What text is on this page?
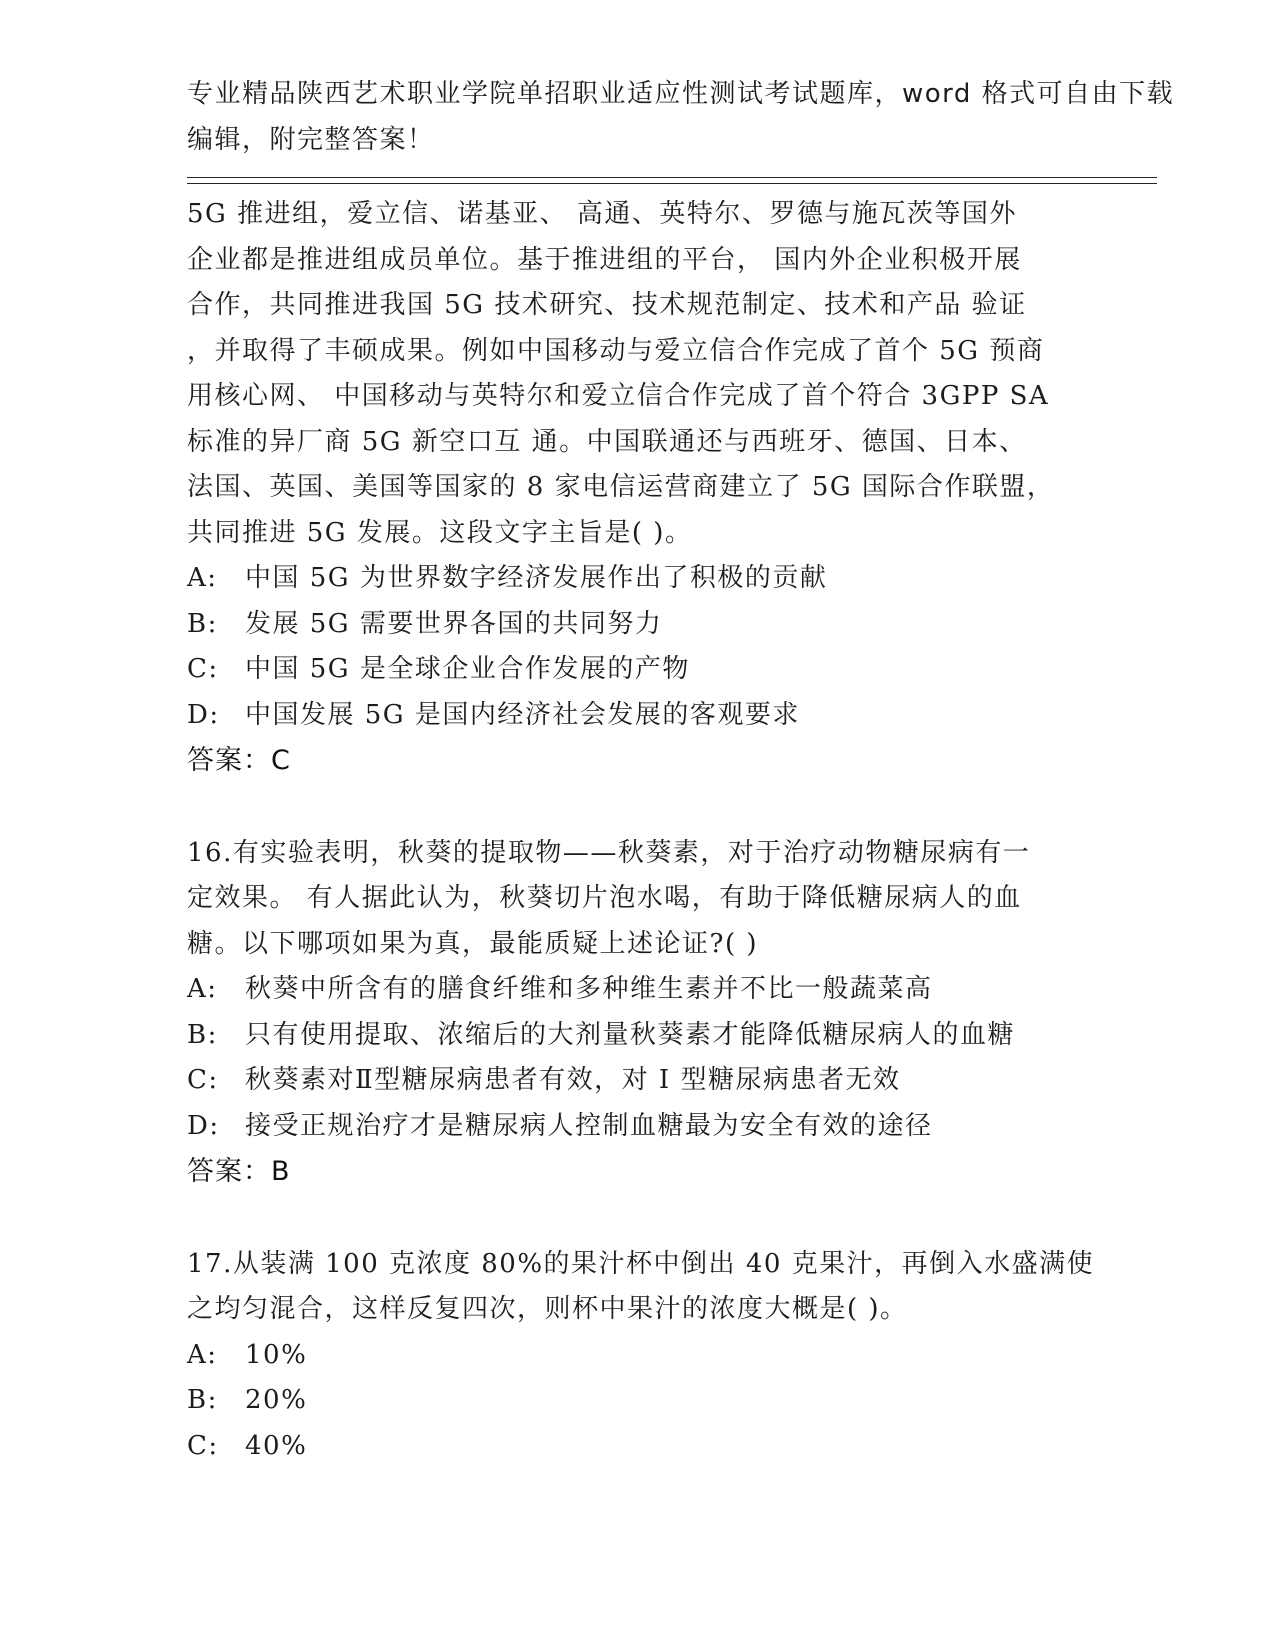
专业精品陕西艺术职业学院单招职业适应性测试考试题库，word 格式可自由下载
编辑，附完整答案！
5G 推进组，爱立信、诺基亚、 高通、英特尔、罗德与施瓦茨等国外
企业都是推进组成员单位。基于推进组的平台， 国内外企业积极开展
合作，共同推进我国 5G 技术研究、技术规范制定、技术和产品 验证
，并取得了丰硕成果。例如中国移动与爱立信合作完成了首个 5G 预商
用核心网、 中国移动与英特尔和爱立信合作完成了首个符合 3GPP SA
标准的异厂商 5G 新空口互 通。中国联通还与西班牙、德国、日本、
法国、英国、美国等国家的 8 家电信运营商建立了 5G 国际合作联盟，
共同推进 5G 发展。这段文字主旨是( )。
A:	中国 5G 为世界数字经济发展作出了积极的贡献
B:	发展 5G 需要世界各国的共同努力
C:	中国 5G 是全球企业合作发展的产物
D: 中国发展 5G 是国内经济社会发展的客观要求
答案：C
16.有实验表明，秋葵的提取物——秋葵素，对于治疗动物糖尿病有一
定效果。 有人据此认为，秋葵切片泡水喝，有助于降低糖尿病人的血
糖。以下哪项如果为真，最能质疑上述论证?( )
A:	秋葵中所含有的膳食纤维和多种维生素并不比一般蔬菜高
B:	只有使用提取、浓缩后的大剂量秋葵素才能降低糖尿病人的血糖
C:	秋葵素对Ⅱ型糖尿病患者有效，对 I 型糖尿病患者无效
D: 接受正规治疗才是糖尿病人控制血糖最为安全有效的途径
答案：B
17.从装满 100 克浓度 80%的果汁杯中倒出 40 克果汁，再倒入水盛满使
之均匀混合，这样反复四次，则杯中果汁的浓度大概是( )。
A:	10%
B:	20%
C:	40%
